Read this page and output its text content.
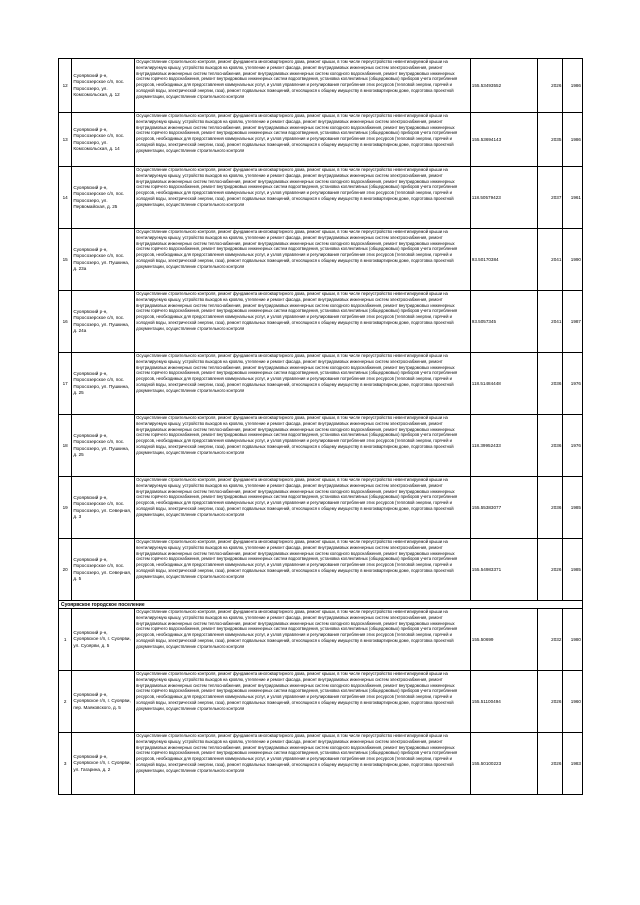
12	Суоярвский р-н, Поросозерское с/п, пос. Поросозеро, ул. Комсомольская, д. 12	Осуществление строительного контроля, ремонт фундамента многоквартирного дома, ремонт крыши, в том числе переустройство невентилируемой крыши на вентилируемую крышу, устройство выходов на кровлю, утепление и ремонт фасада, ремонт внутридомовых инженерных систем электроснабжения, ремонт внутридомовых инженерных систем теплоснабжения, ремонт внутридомовых инженерных систем холодного водоснабжения, ремонт внутридомовых инженерных систем горячего водоснабжения, ремонт внутридомовых инженерных систем водоотведения, установка коллективных (общедомовых) приборов учета потребления ресурсов, необходимых для предоставления коммунальных услуг, и узлов управления и регулирования потребления этих ресурсов (тепловой энергии, горячей и холодной воды, электрической энергии, газа), ремонт подвальных помещений, относящихся к общему имуществу в многоквартирном доме, подготовка проектной документации, осуществление строительного контроля	155.53493552	2026	1986
13	Суоярвский р-н, Поросозерское с/п, пос. Поросозеро, ул. Комсомольская, д. 14	Осуществление строительного контроля, ремонт фундамента многоквартирного дома, ремонт крыши, в том числе переустройство невентилируемой крыши на вентилируемую крышу, устройство выходов на кровлю, утепление и ремонт фасада, ремонт внутридомовых инженерных систем электроснабжения, ремонт внутридомовых инженерных систем теплоснабжения, ремонт внутридомовых инженерных систем холодного водоснабжения, ремонт внутридомовых инженерных систем горячего водоснабжения, ремонт внутридомовых инженерных систем водоотведения, установка коллективных (общедомовых) приборов учета потребления ресурсов, необходимых для предоставления коммунальных услуг, и узлов управления и регулирования потребления этих ресурсов (тепловой энергии, горячей и холодной воды, электрической энергии, газа), ремонт подвальных помещений, относящихся к общему имуществу в многоквартирном доме, подготовка проектной документации, осуществление строительного контроля	155.53694143	2035	1986
14	Суоярвский р-н, Поросозерское с/п, пос. Поросозеро, ул. Первомайская, д. 25	Осуществление строительного контроля, ремонт фундамента многоквартирного дома, ремонт крыши, в том числе переустройство невентилируемой крыши на вентилируемую крышу, устройство выходов на кровлю, утепление и ремонт фасада, ремонт внутридомовых инженерных систем электроснабжения, ремонт внутридомовых инженерных систем теплоснабжения, ремонт внутридомовых инженерных систем холодного водоснабжения, ремонт внутридомовых инженерных систем горячего водоснабжения, ремонт внутридомовых инженерных систем водоотведения, установка коллективных (общедомовых) приборов учета потребления ресурсов, необходимых для предоставления коммунальных услуг, и узлов управления и регулирования потребления этих ресурсов (тепловой энергии, горячей и холодной воды, электрической энергии, газа), ремонт подвальных помещений, относящихся к общему имуществу в многоквартирном доме, подготовка проектной документации, осуществление строительного контроля	118.50579423	2037	1961
15	Суоярвский р-н, Поросозерское с/п, пос. Поросозеро, ул. Пушкина, д. 23а	Осуществление строительного контроля, ремонт фундамента многоквартирного дома, ремонт крыши, в том числе переустройство невентилируемой крыши на вентилируемую крышу, устройство выходов на кровлю, утепление и ремонт фасада, ремонт внутридомовых инженерных систем электроснабжения, ремонт внутридомовых инженерных систем теплоснабжения, ремонт внутридомовых инженерных систем холодного водоснабжения, ремонт внутридомовых инженерных систем горячего водоснабжения, ремонт внутридомовых инженерных систем водоотведения, установка коллективных (общедомовых) приборов учета потребления ресурсов, необходимых для предоставления коммунальных услуг, и узлов управления и регулирования потребления этих ресурсов (тепловой энергии, горячей и холодной воды, электрической энергии, газа), ремонт подвальных помещений, относящихся к общему имуществу в многоквартирном доме, подготовка проектной документации, осуществление строительного контроля	93.50170384	2041	1990
16	Суоярвский р-н, Поросозерское с/п, пос. Поросозеро, ул. Пушкина, д. 24а	Осуществление строительного контроля, ремонт фундамента многоквартирного дома, ремонт крыши, в том числе переустройство невентилируемой крыши на вентилируемую крышу, устройство выходов на кровлю, утепление и ремонт фасада, ремонт внутридомовых инженерных систем электроснабжения, ремонт внутридомовых инженерных систем теплоснабжения, ремонт внутридомовых инженерных систем холодного водоснабжения, ремонт внутридомовых инженерных систем горячего водоснабжения, ремонт внутридомовых инженерных систем водоотведения, установка коллективных (общедомовых) приборов учета потребления ресурсов, необходимых для предоставления коммунальных услуг, и узлов управления и регулирования потребления этих ресурсов (тепловой энергии, горячей и холодной воды, электрической энергии, газа), ремонт подвальных помещений, относящихся к общему имуществу в многоквартирном доме, подготовка проектной документации, осуществление строительного контроля	93.5057345	2041	1987
17	Суоярвский р-н, Поросозерское с/п, пос. Поросозеро, ул. Пушкина, д. 25	Осуществление строительного контроля, ремонт фундамента многоквартирного дома, ремонт крыши, в том числе переустройство невентилируемой крыши на вентилируемую крышу, устройство выходов на кровлю, утепление и ремонт фасада, ремонт внутридомовых инженерных систем электроснабжения, ремонт внутридомовых инженерных систем теплоснабжения, ремонт внутридомовых инженерных систем холодного водоснабжения, ремонт внутридомовых инженерных систем горячего водоснабжения, ремонт внутридомовых инженерных систем водоотведения, установка коллективных (общедомовых) приборов учета потребления ресурсов, необходимых для предоставления коммунальных услуг, и узлов управления и регулирования потребления этих ресурсов (тепловой энергии, горячей и холодной воды, электрической энергии, газа), ремонт подвальных помещений, относящихся к общему имуществу в многоквартирном доме, подготовка проектной документации, осуществление строительного контроля	118.51484448	2036	1976
18	Суоярвский р-н, Поросозерское с/п, пос. Поросозеро, ул. Пушкина, д. 25	Осуществление строительного контроля, ремонт фундамента многоквартирного дома, ремонт крыши, в том числе переустройство невентилируемой крыши на вентилируемую крышу, устройство выходов на кровлю, утепление и ремонт фасада, ремонт внутридомовых инженерных систем электроснабжения, ремонт внутридомовых инженерных систем теплоснабжения, ремонт внутридомовых инженерных систем холодного водоснабжения, ремонт внутридомовых инженерных систем горячего водоснабжения, ремонт внутридомовых инженерных систем водоотведения, установка коллективных (общедомовых) приборов учета потребления ресурсов, необходимых для предоставления коммунальных услуг, и узлов управления и регулирования потребления этих ресурсов (тепловой энергии, горячей и холодной воды, электрической энергии, газа), ремонт подвальных помещений, относящихся к общему имуществу в многоквартирном доме, подготовка проектной документации, осуществление строительного контроля	118.39952433	2036	1976
19	Суоярвский р-н, Поросозерское с/п, пос. Поросозеро, ул. Северная, д. 3	Осуществление строительного контроля, ремонт фундамента многоквартирного дома, ремонт крыши, в том числе переустройство невентилируемой крыши на вентилируемую крышу, устройство выходов на кровлю, утепление и ремонт фасада, ремонт внутридомовых инженерных систем электроснабжения, ремонт внутридомовых инженерных систем теплоснабжения, ремонт внутридомовых инженерных систем холодного водоснабжения, ремонт внутридомовых инженерных систем горячего водоснабжения, ремонт внутридомовых инженерных систем водоотведения, установка коллективных (общедомовых) приборов учета потребления ресурсов, необходимых для предоставления коммунальных услуг, и узлов управления и регулирования потребления этих ресурсов (тепловой энергии, горячей и холодной воды, электрической энергии, газа), ремонт подвальных помещений, относящихся к общему имуществу в многоквартирном доме, подготовка проектной документации, осуществление строительного контроля	155.55383077	2036	1985
20	Суоярвский р-н, Поросозерское с/п, пос. Поросозеро, ул. Северная, д. 5	Осуществление строительного контроля, ремонт фундамента многоквартирного дома, ремонт крыши, в том числе переустройство невентилируемой крыши на вентилируемую крышу, устройство выходов на кровлю, утепление и ремонт фасада, ремонт внутридомовых инженерных систем электроснабжения, ремонт внутридомовых инженерных систем теплоснабжения, ремонт внутридомовых инженерных систем холодного водоснабжения, ремонт внутридомовых инженерных систем горячего водоснабжения, ремонт внутридомовых инженерных систем водоотведения, установка коллективных (общедомовых) приборов учета потребления ресурсов, необходимых для предоставления коммунальных услуг, и узлов управления и регулирования потребления этих ресурсов (тепловой энергии, горячей и холодной воды, электрической энергии, газа), ремонт подвальных помещений, относящихся к общему имуществу в многоквартирном доме, подготовка проектной документации, осуществление строительного контроля	155.54983371	2026	1985
Суоярвское городское поселение					
1	Суоярвский р-н, Суоярвское г/п, г. Суоярви, ул. Суоярви, д. 5	Осуществление строительного контроля, ремонт фундамента многоквартирного дома, ремонт крыши, в том числе переустройство невентилируемой крыши на вентилируемую крышу, устройство выходов на кровлю, утепление и ремонт фасада, ремонт внутридомовых инженерных систем электроснабжения, ремонт внутридомовых инженерных систем теплоснабжения, ремонт внутридомовых инженерных систем холодного водоснабжения, ремонт внутридомовых инженерных систем горячего водоснабжения, ремонт внутридомовых инженерных систем водоотведения, установка коллективных (общедомовых) приборов учета потребления ресурсов, необходимых для предоставления коммунальных услуг, и узлов управления и регулирования потребления этих ресурсов (тепловой энергии, горячей и холодной воды, электрической энергии, газа), ремонт подвальных помещений, относящихся к общему имуществу в многоквартирном доме, подготовка проектной документации, осуществление строительного контроля	155.50699	2032	1980
2	Суоярвский р-н, Суоярвское г/п, г. Суоярви, пер. Маяковского, д. 5	Осуществление строительного контроля, ремонт фундамента многоквартирного дома, ремонт крыши, в том числе переустройство невентилируемой крыши на вентилируемую крышу, устройство выходов на кровлю, утепление и ремонт фасада, ремонт внутридомовых инженерных систем электроснабжения, ремонт внутридомовых инженерных систем теплоснабжения, ремонт внутридомовых инженерных систем холодного водоснабжения, ремонт внутридомовых инженерных систем горячего водоснабжения, ремонт внутридомовых инженерных систем водоотведения, установка коллективных (общедомовых) приборов учета потребления ресурсов, необходимых для предоставления коммунальных услуг, и узлов управления и регулирования потребления этих ресурсов (тепловой энергии, горячей и холодной воды, электрической энергии, газа), ремонт подвальных помещений, относящихся к общему имуществу в многоквартирном доме, подготовка проектной документации, осуществление строительного контроля	155.51100494	2026	1960
3	Суоярвский р-н, Суоярвское г/п, г. Суоярви, ул. Гагарина, д. 2	Осуществление строительного контроля, ремонт фундамента многоквартирного дома, ремонт крыши, в том числе переустройство невентилируемой крыши на вентилируемую крышу, устройство выходов на кровлю, утепление и ремонт фасада, ремонт внутридомовых инженерных систем электроснабжения, ремонт внутридомовых инженерных систем теплоснабжения, ремонт внутридомовых инженерных систем холодного водоснабжения, ремонт внутридомовых инженерных систем горячего водоснабжения, ремонт внутридомовых инженерных систем водоотведения, установка коллективных (общедомовых) приборов учета потребления ресурсов, необходимых для предоставления коммунальных услуг, и узлов управления и регулирования потребления этих ресурсов (тепловой энергии, горячей и холодной воды, электрической энергии, газа), ремонт подвальных помещений, относящихся к общему имуществу в многоквартирном доме, подготовка проектной документации, осуществление строительного контроля	155.50100223	2026	1983
